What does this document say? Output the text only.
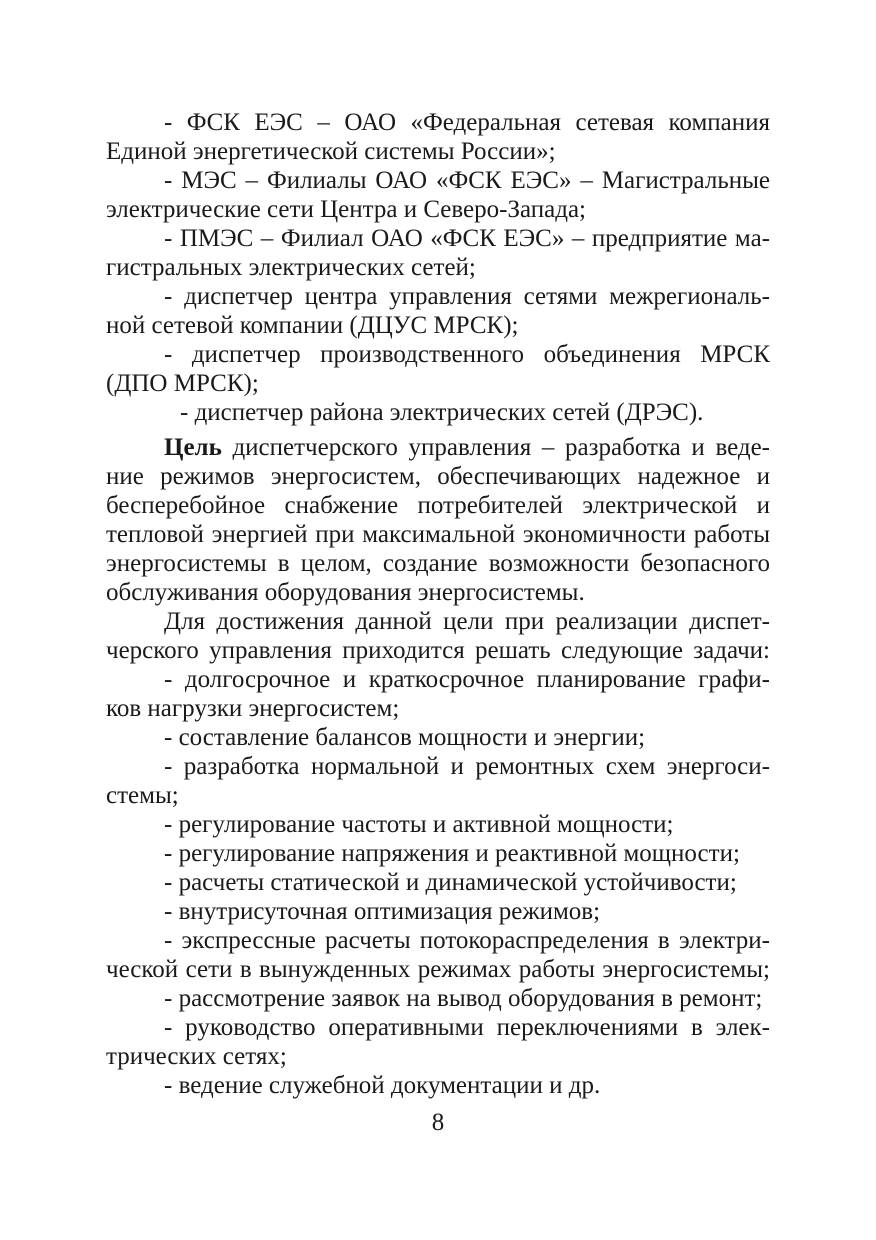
- ФСК ЕЭС – ОАО «Федеральная сетевая компания
Единой энергетической системы России»;
- МЭС – Филиалы ОАО «ФСК ЕЭС» – Магистральные
электрические сети Центра и Северо-Запада;
- ПМЭС – Филиал ОАО «ФСК ЕЭС» – предприятие ма-
гистральных электрических сетей;
- диспетчер центра управления сетями межрегиональ-
ной сетевой компании (ДЦУС МРСК);
- диспетчер производственного объединения МРСК
(ДПО МРСК);
- диспетчер района электрических сетей (ДРЭС).
Цель диспетчерского управления – разработка и веде-
ние режимов энергосистем, обеспечивающих надежное и
бесперебойное снабжение потребителей электрической и
тепловой энергией при максимальной экономичности работы
энергосистемы в целом, создание возможности безопасного
обслуживания оборудования энергосистемы.
Для достижения данной цели при реализации диспет-
черского управления приходится решать следующие задачи:
- долгосрочное и краткосрочное планирование графи-
ков нагрузки энергосистем;
- составление балансов мощности и энергии;
- разработка нормальной и ремонтных схем энергоси-
стемы;
- регулирование частоты и активной мощности;
- регулирование напряжения и реактивной мощности;
- расчеты статической и динамической устойчивости;
- внутрисуточная оптимизация режимов;
- экспрессные расчеты потокораспределения в электри-
ческой сети в вынужденных режимах работы энергосистемы;
- рассмотрение заявок на вывод оборудования в ремонт;
- руководство оперативными переключениями в элек-
трических сетях;
- ведение служебной документации и др.
8
